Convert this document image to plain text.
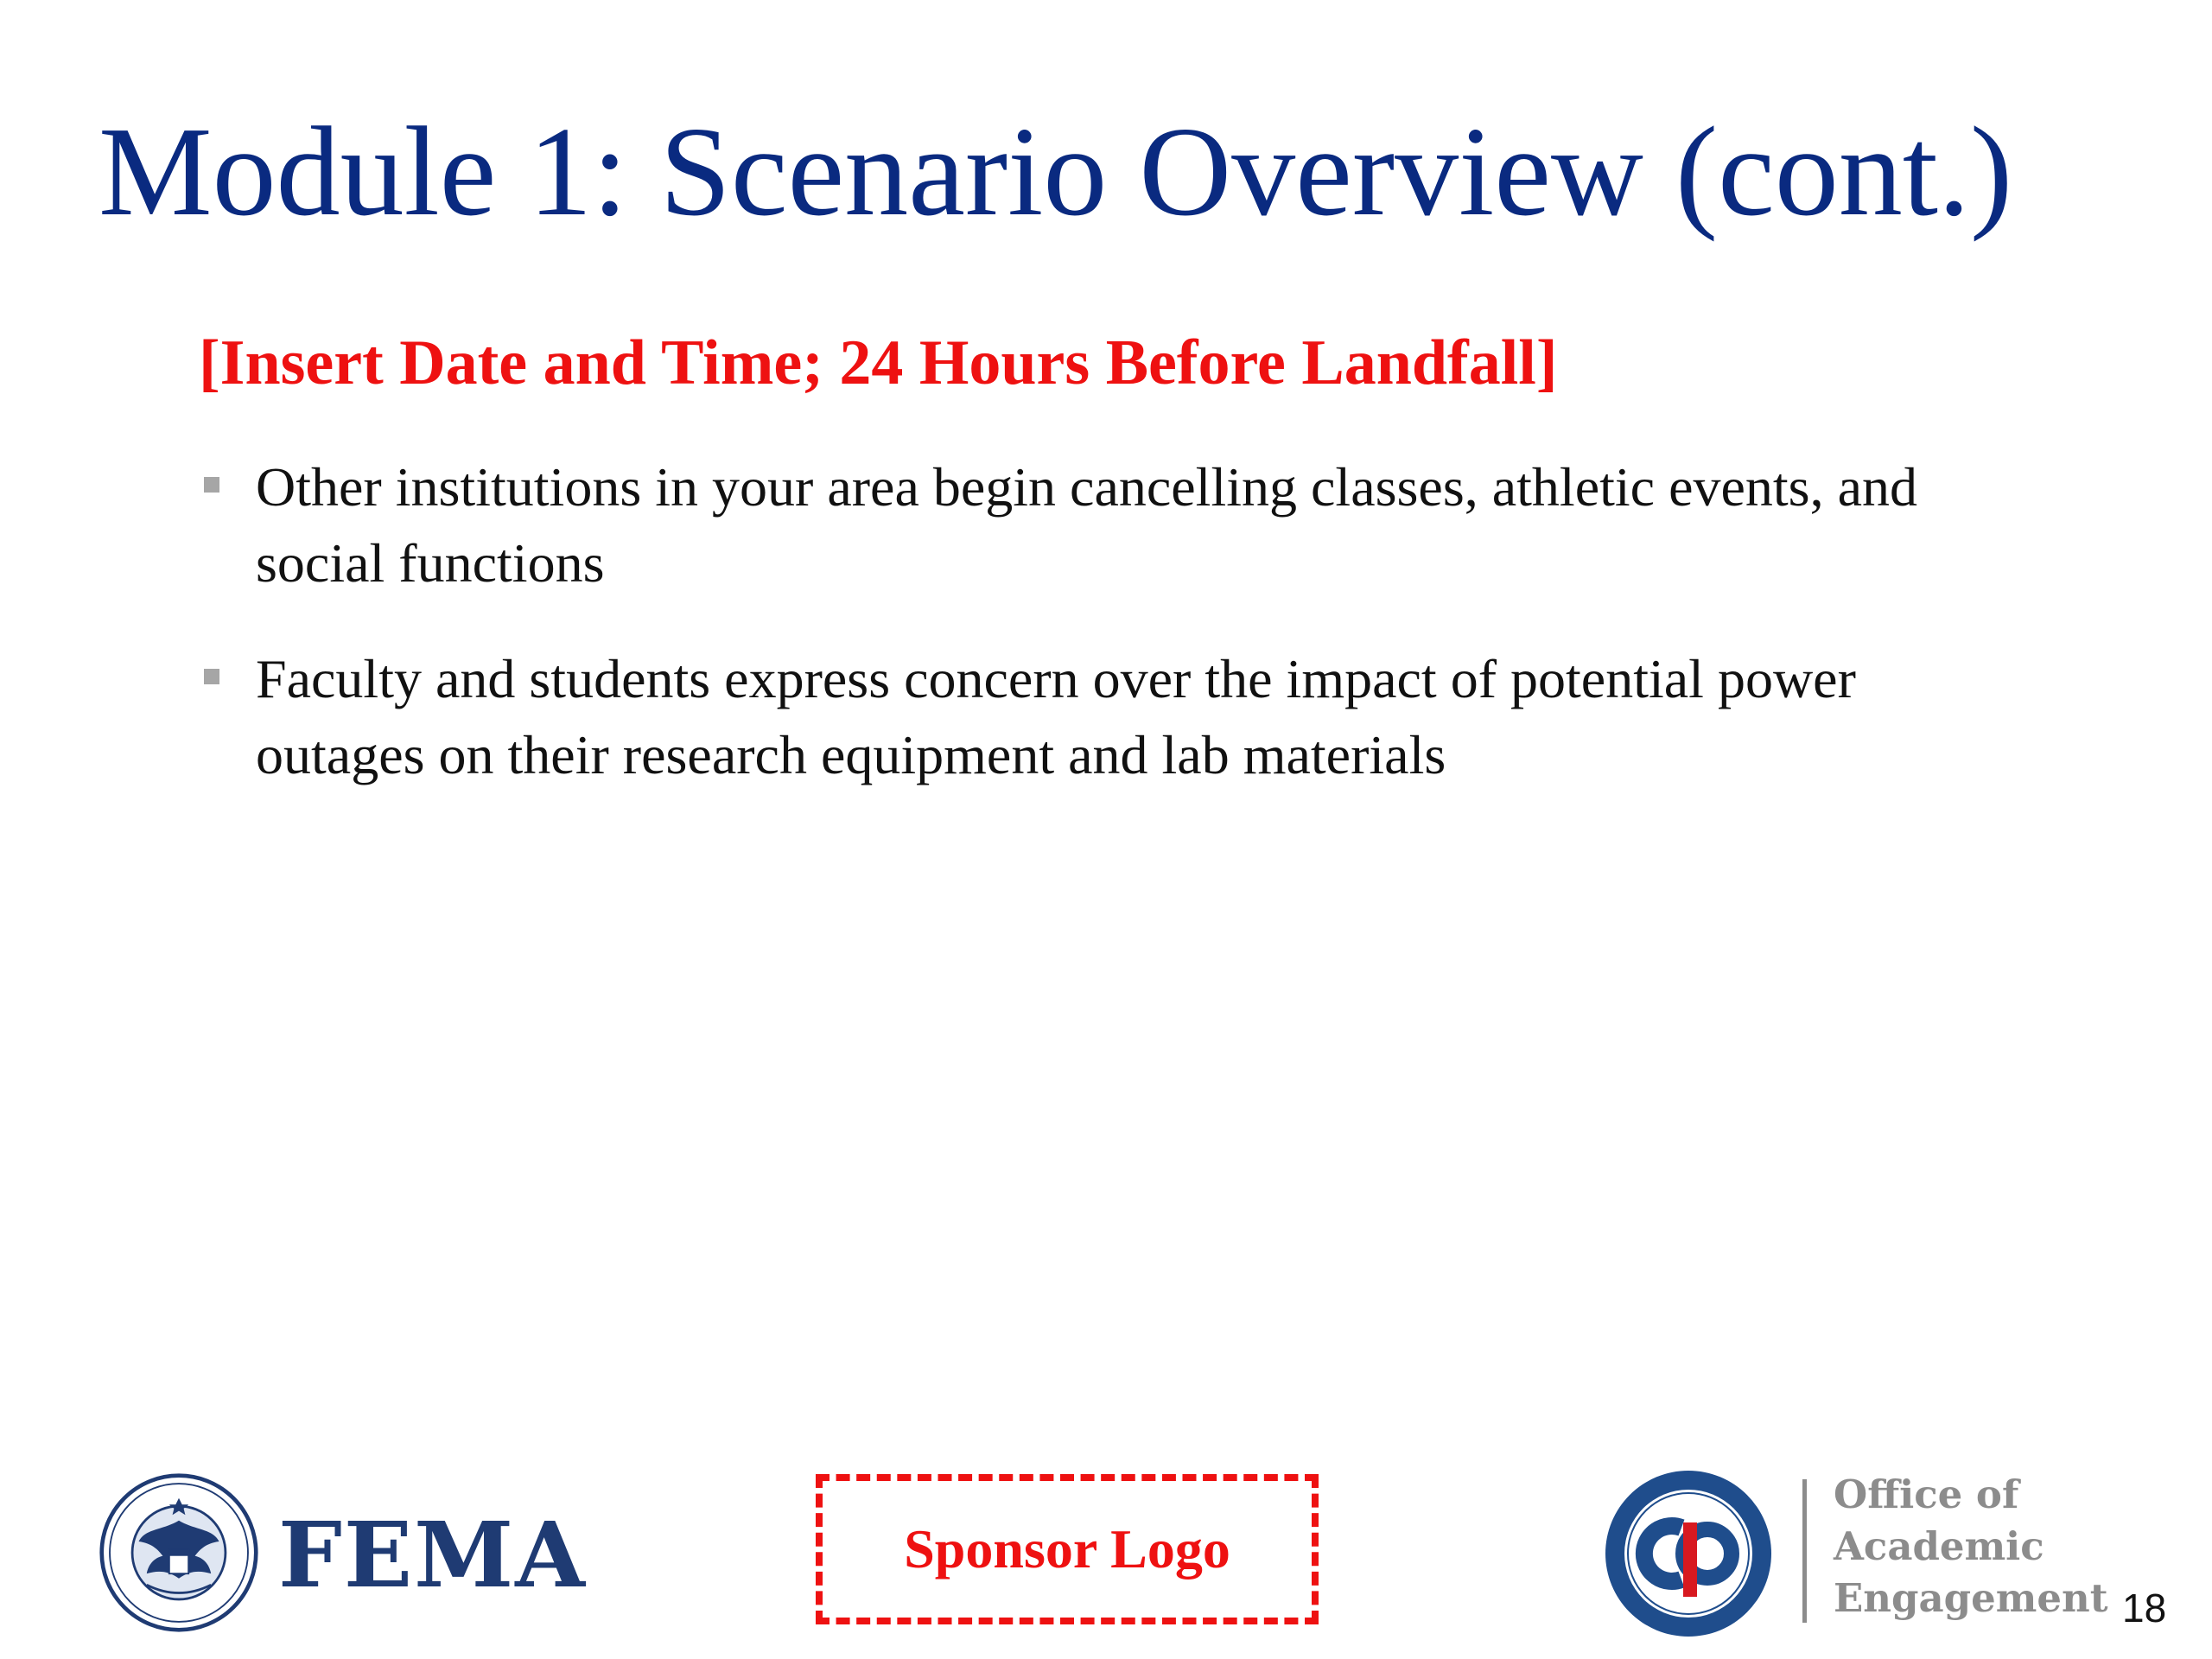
Module 1: Scenario Overview (cont.)
[Insert Date and Time; 24 Hours Before Landfall]
Other institutions in your area begin cancelling classes, athletic events, and social functions
Faculty and students express concern over the impact of potential power outages on their research equipment and lab materials
FEMA	Sponsor Logo
Office of
Academic
Engagement 18
